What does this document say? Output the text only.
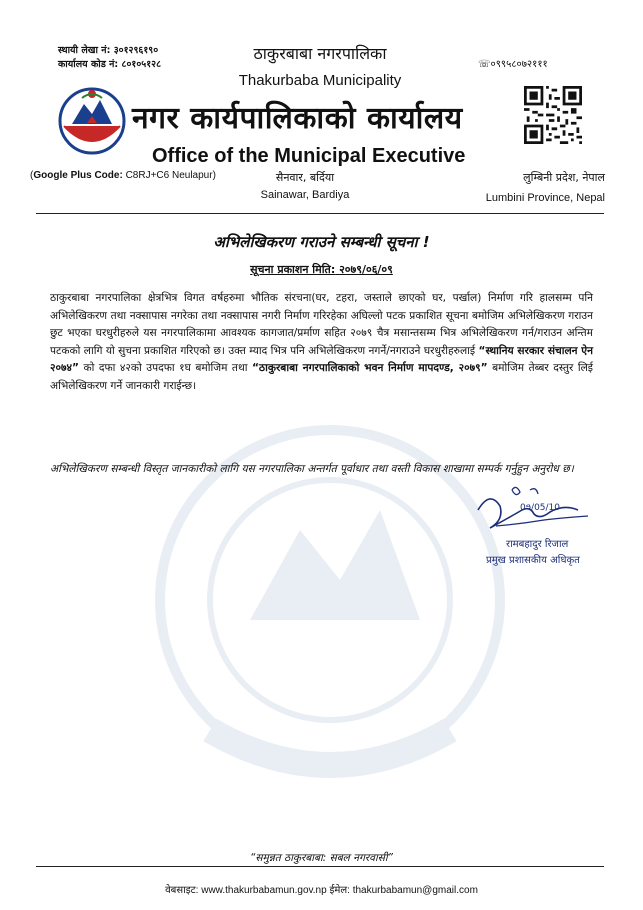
स्थायी लेखा नं: ३०१२९६१९०
कार्यालय कोड नं: ८०१०५१२८
ठाकुरबाबा नगरपालिका
Thakurbaba Municipality
☏०९९५८०७२१११
नगर कार्यपालिकाको कार्यालय
Office of the Municipal Executive
(Google Plus Code: C8RJ+C6 Neulapur)	सैनवार, बर्दिया
Sainawar, Bardiya
लुम्बिनी प्रदेश, नेपाल
Lumbini Province, Nepal
अभिलेखिकरण गराउने सम्बन्धी सूचना !
सूचना प्रकाशन मिति: २०७९/०६/०९
ठाकुरबाबा नगरपालिका क्षेत्रभित्र विगत वर्षहरुमा भौतिक संरचना(घर, टहरा, जस्ताले छाएको घर, पर्खाल) निर्माण गरि हालसम्म पनि अभिलेखिकरण तथा नक्सापास नगरेका तथा नक्सापास नगरी निर्माण गरिरहेका अघिल्लो पटक प्रकाशित सूचना बमोजिम अभिलेखिकरण गराउन छुट भएका घरधुरीहरुले यस नगरपालिकामा आवश्यक कागजात/प्रर्माण सहित २०७९ चैत्र मसान्तसम्म भित्र अभिलेखिकरण गर्न/गराउन अन्तिम पटकको लागि यो सुचना प्रकाशित गरिएको छ। उक्त म्याद भित्र पनि अभिलेखिकरण नगर्ने/नगराउने घरधुरीहरुलाई “स्थानिय सरकार संचालन ऐन २०७४” को दफा ४२को उपदफा १घ बमोजिम तथा “ठाकुरबाबा नगरपालिकाको भवन निर्माण मापदण्ड, २०७९” बमोजिम तेब्बर दस्तुर लिई अभिलेखिकरण गर्ने जानकारी गराईन्छ।
अभिलेखिकरण सम्बन्धी विस्तृत जानकारीको लागि यस नगरपालिका अन्तर्गत पूर्वाधार तथा वस्ती विकास शाखामा सम्पर्क गर्नुहुन अनुरोध छ।
0ዓ/05/10
रामबहादुर रिजाल
प्रमुख प्रशासकीय अधिकृत
“समुन्नत ठाकुरबाबा: सबल नगरवासी”
वेबसाइट: www.thakurbabamun.gov.np ईमेल: thakurbabamun@gmail.com
